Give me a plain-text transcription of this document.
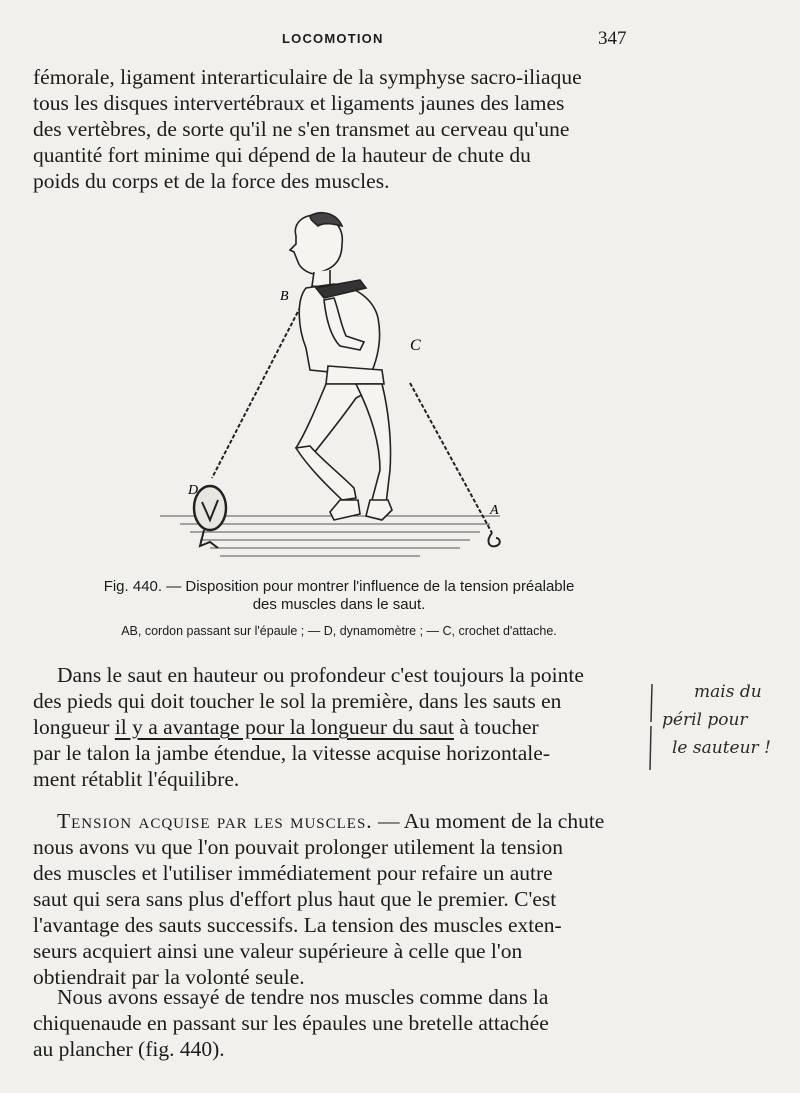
LOCOMOTION	347
fémorale, ligament interarticulaire de la symphyse sacro-iliaque
tous les disques intervertébraux et ligaments jaunes des lames
des vertèbres, de sorte qu'il ne s'en transmet au cerveau qu'une
quantité fort minime qui dépend de la hauteur de chute du
poids du corps et de la force des muscles.
B
C
D
A
Fig. 440. — Disposition pour montrer l'influence de la tension préalable
des muscles dans le saut.
AB, cordon passant sur l'épaule ; — D, dynamomètre ; — C, crochet d'attache.
Dans le saut en hauteur ou profondeur c'est toujours la pointe
des pieds qui doit toucher le sol la première, dans les sauts en
longueur il y a avantage pour la longueur du saut à toucher
par le talon la jambe étendue, la vitesse acquise horizontale-
ment rétablit l'équilibre.
mais du
péril pour
le sauteur !
Tension acquise par les muscles. — Au moment de la chute
nous avons vu que l'on pouvait prolonger utilement la tension
des muscles et l'utiliser immédiatement pour refaire un autre
saut qui sera sans plus d'effort plus haut que le premier. C'est
l'avantage des sauts successifs. La tension des muscles exten-
seurs acquiert ainsi une valeur supérieure à celle que l'on
obtiendrait par la volonté seule.
Nous avons essayé de tendre nos muscles comme dans la
chiquenaude en passant sur les épaules une bretelle attachée
au plancher (fig. 440).
